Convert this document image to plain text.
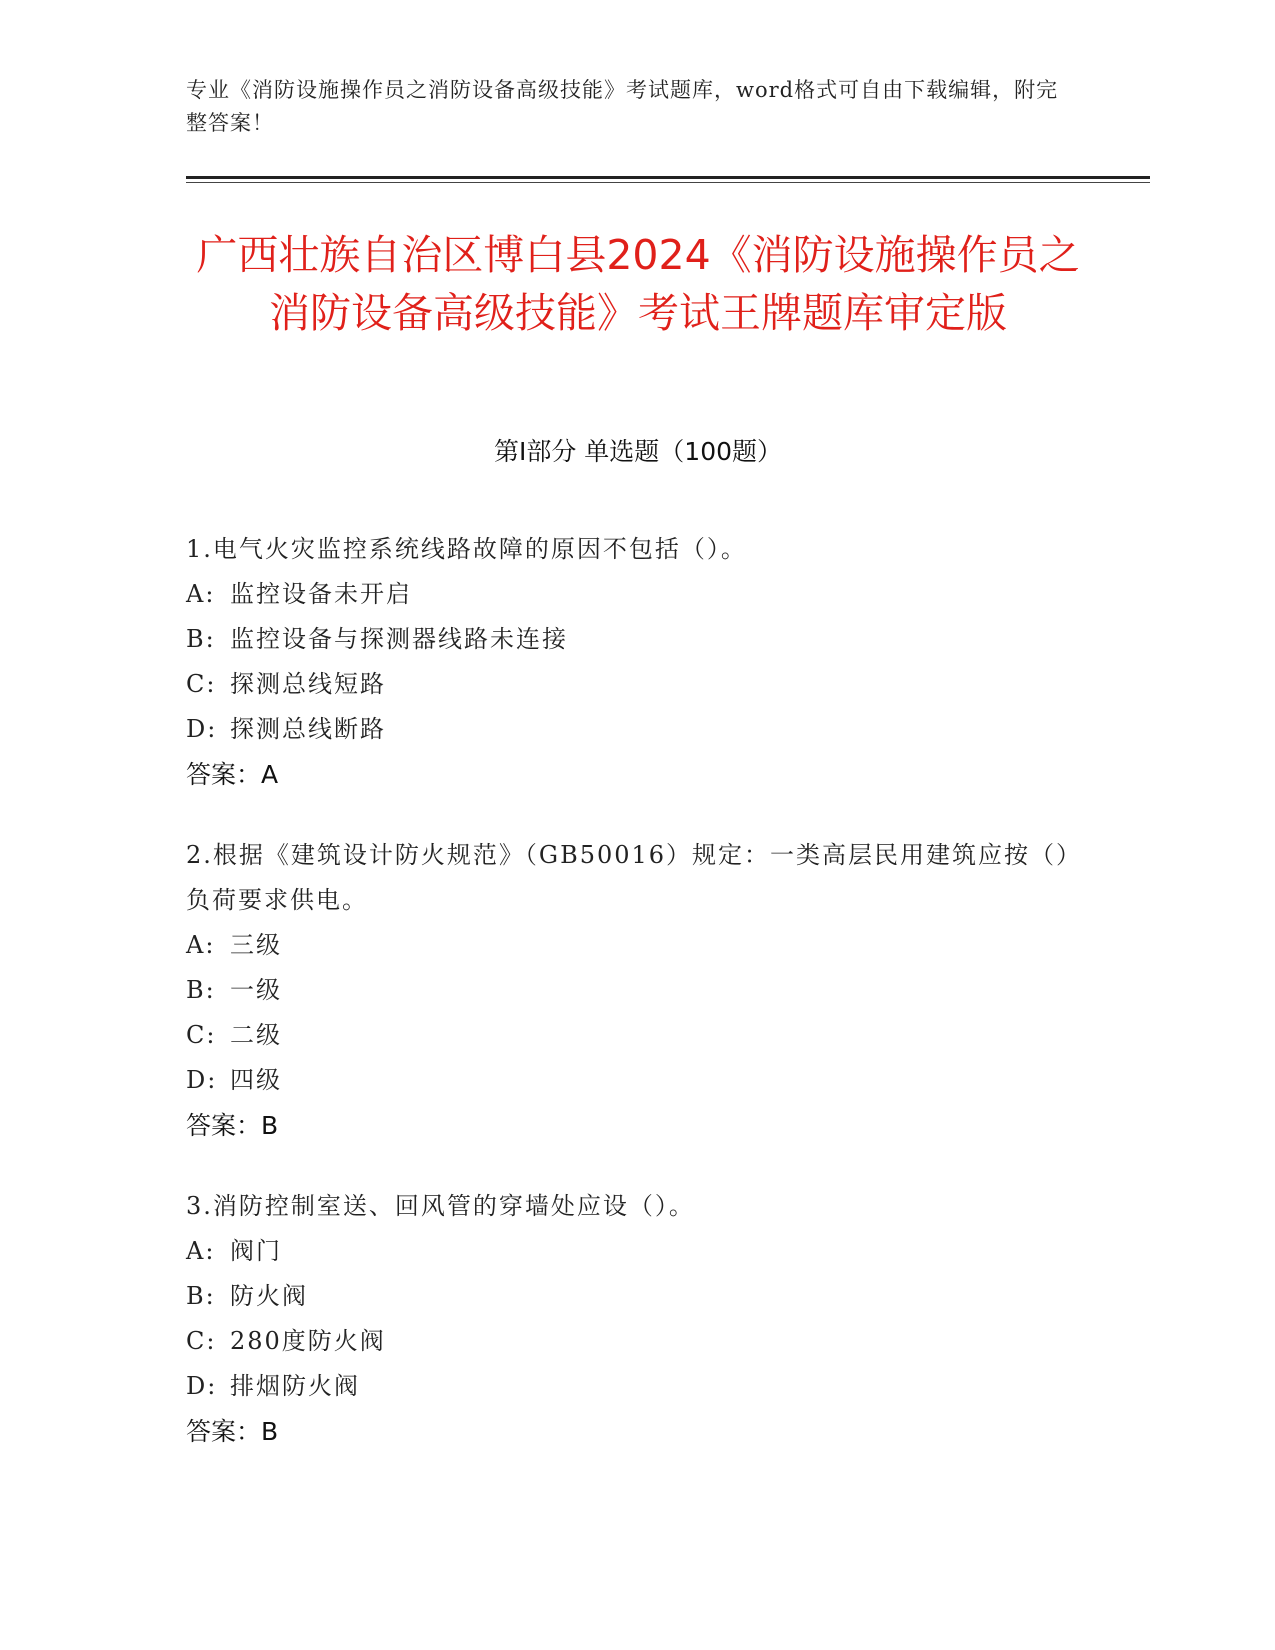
专业《消防设施操作员之消防设备高级技能》考试题库，word格式可自由下载编辑，附完整答案！
广西壮族自治区博白县2024《消防设施操作员之消防设备高级技能》考试王牌题库审定版
第I部分 单选题（100题）
1.电气火灾监控系统线路故障的原因不包括（）。
A: 监控设备未开启
B: 监控设备与探测器线路未连接
C: 探测总线短路
D: 探测总线断路
答案：A
2.根据《建筑设计防火规范》（GB50016）规定：一类高层民用建筑应按（）负荷要求供电。
A: 三级
B: 一级
C: 二级
D: 四级
答案：B
3.消防控制室送、回风管的穿墙处应设（）。
A: 阀门
B: 防火阀
C: 280度防火阀
D: 排烟防火阀
答案：B
